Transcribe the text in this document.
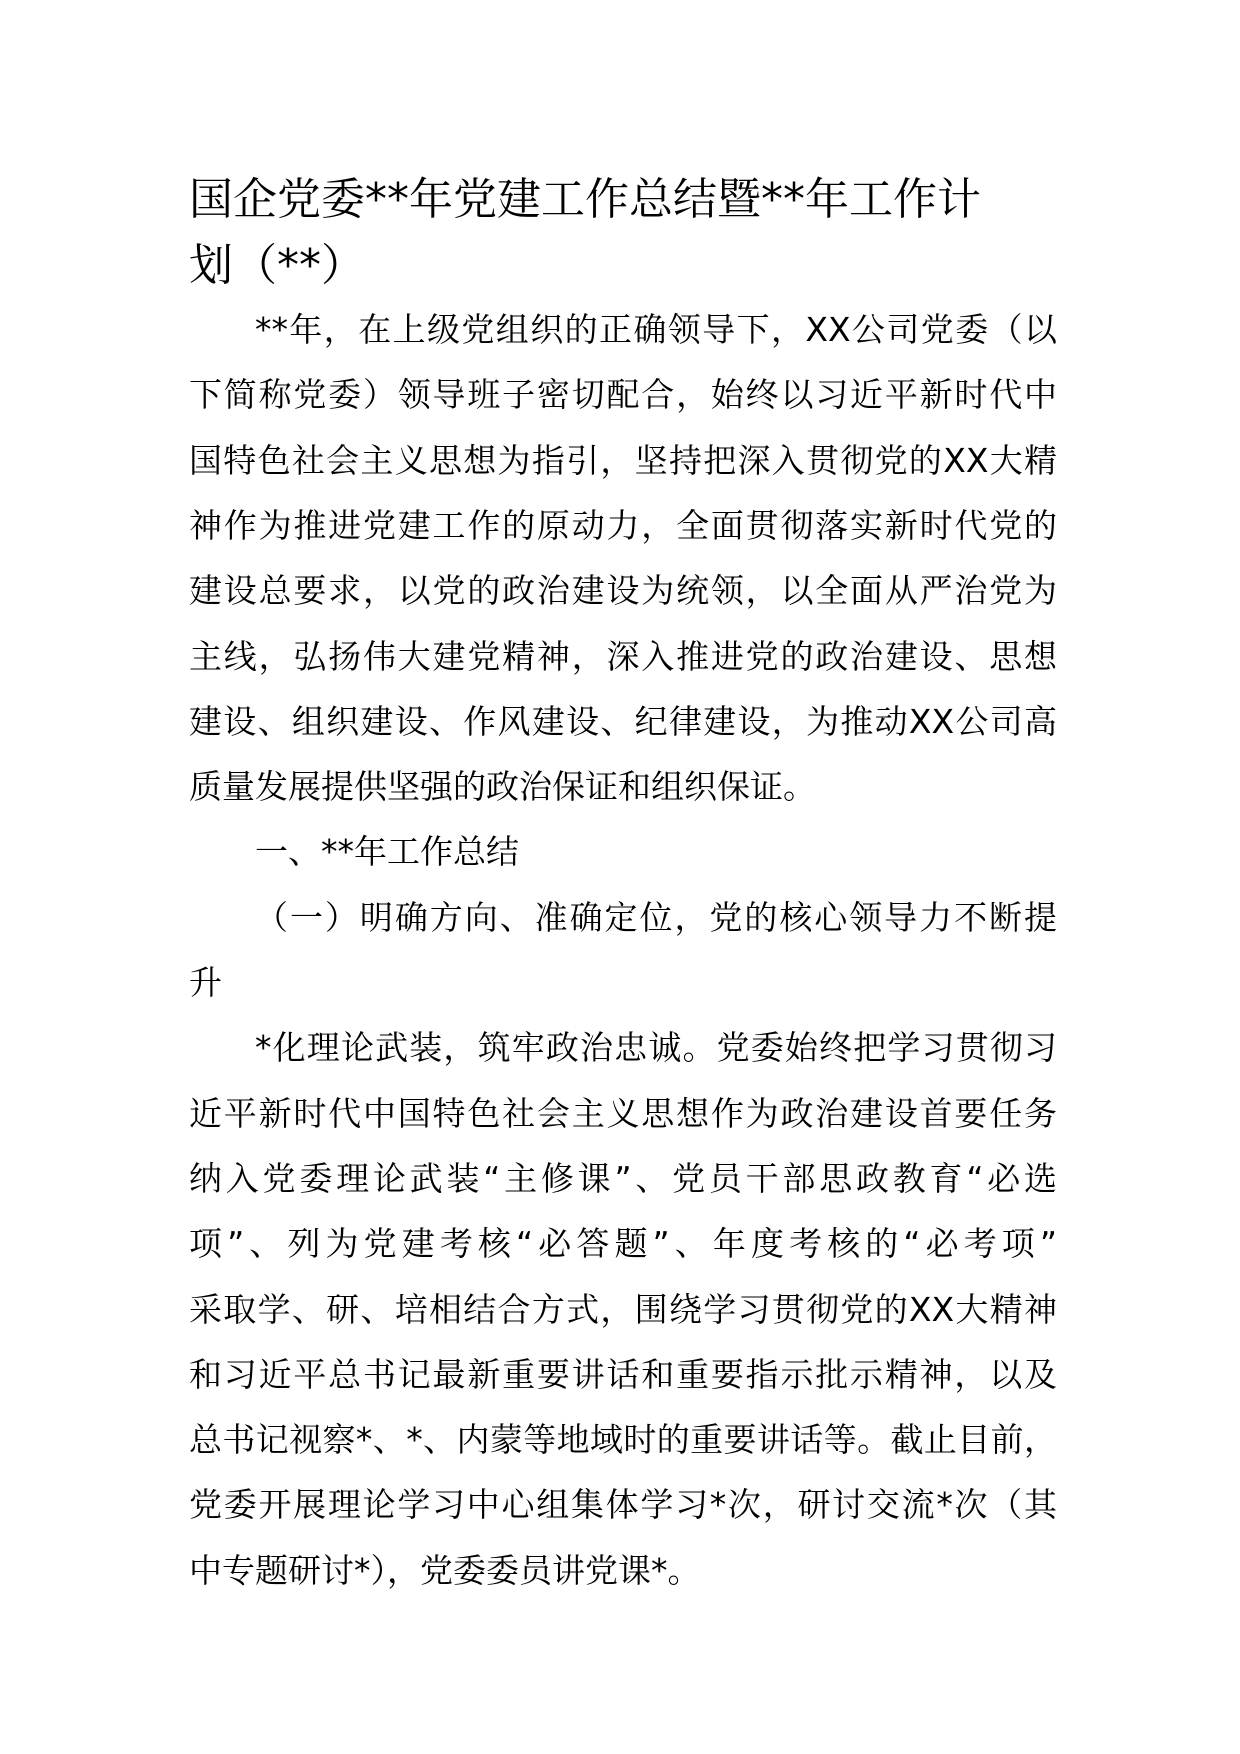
国企党委**年党建工作总结暨**年工作计
划（**）
**年，在上级党组织的正确领导下，XX公司党委（以
下简称党委）领导班子密切配合，始终以习近平新时代中
国特色社会主义思想为指引，坚持把深入贯彻党的XX大精
神作为推进党建工作的原动力，全面贯彻落实新时代党的
建设总要求，以党的政治建设为统领，以全面从严治党为
主线，弘扬伟大建党精神，深入推进党的政治建设、思想
建设、组织建设、作风建设、纪律建设，为推动XX公司高
质量发展提供坚强的政治保证和组织保证。
一、**年工作总结
（一）明确方向、准确定位，党的核心领导力不断提
升
*化理论武装，筑牢政治忠诚。党委始终把学习贯彻习
近平新时代中国特色社会主义思想作为政治建设首要任务
纳入党委理论武装“主修课”、党员干部思政教育“必选
项”、列为党建考核“必答题”、年度考核的“必考项”
采取学、研、培相结合方式，围绕学习贯彻党的XX大精神
和习近平总书记最新重要讲话和重要指示批示精神，以及
总书记视察*、*、内蒙等地域时的重要讲话等。截止目前，
党委开展理论学习中心组集体学习*次，研讨交流*次（其
中专题研讨*），党委委员讲党课*。
